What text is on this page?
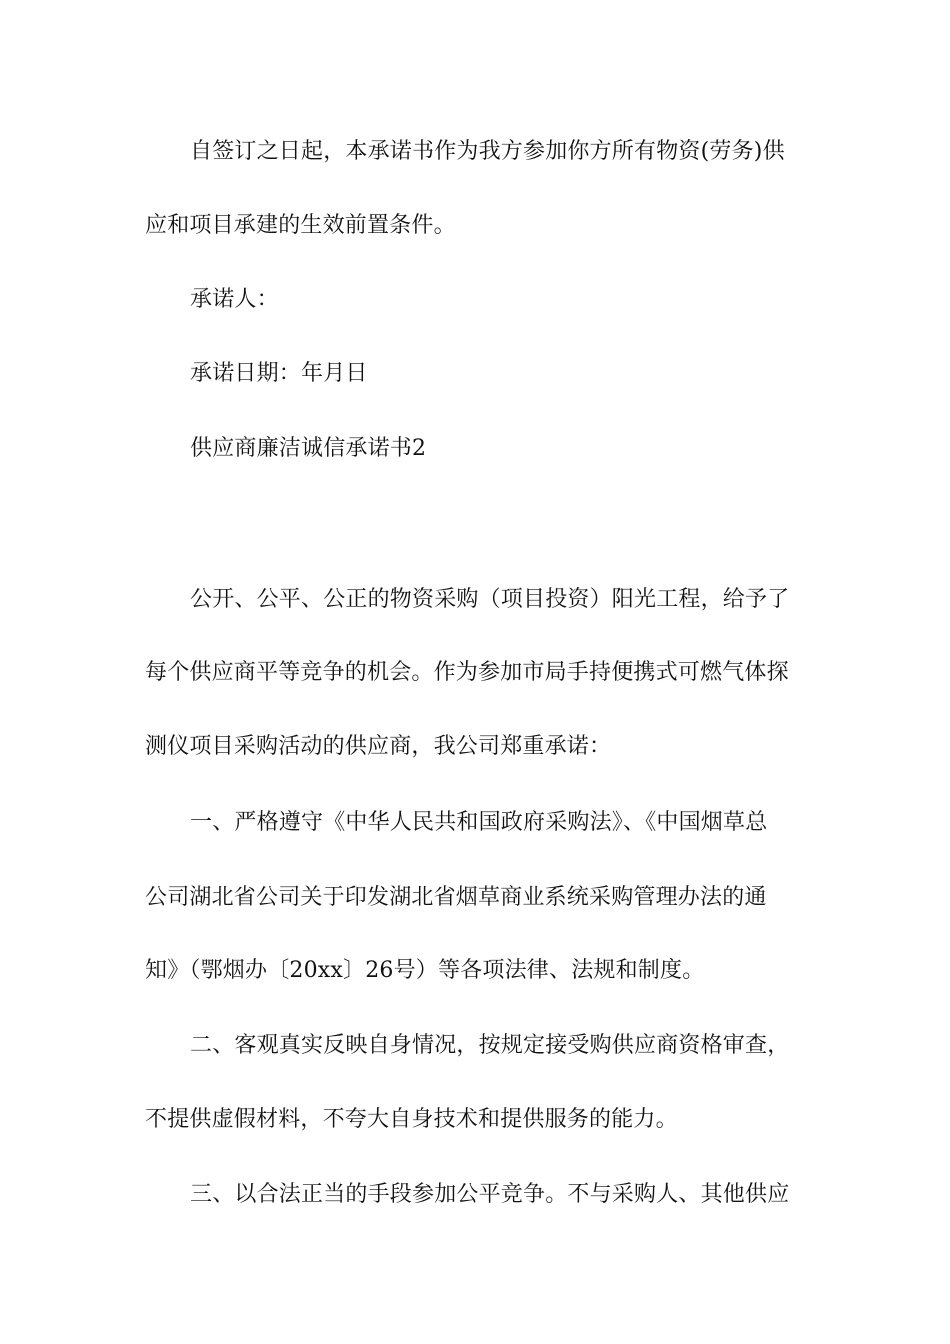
自签订之日起，本承诺书作为我方参加你方所有物资(劳务)供
应和项目承建的生效前置条件。
承诺人：
承诺日期：年月日
供应商廉洁诚信承诺书2
公开、公平、公正的物资采购（项目投资）阳光工程，给予了
每个供应商平等竞争的机会。作为参加市局手持便携式可燃气体探
测仪项目采购活动的供应商，我公司郑重承诺：
一、严格遵守《中华人民共和国政府采购法》、《中国烟草总
公司湖北省公司关于印发湖北省烟草商业系统采购管理办法的通
知》（鄂烟办〔20xx〕26号）等各项法律、法规和制度。
二、客观真实反映自身情况，按规定接受购供应商资格审查，
不提供虚假材料，不夸大自身技术和提供服务的能力。
三、以合法正当的手段参加公平竞争。不与采购人、其他供应
